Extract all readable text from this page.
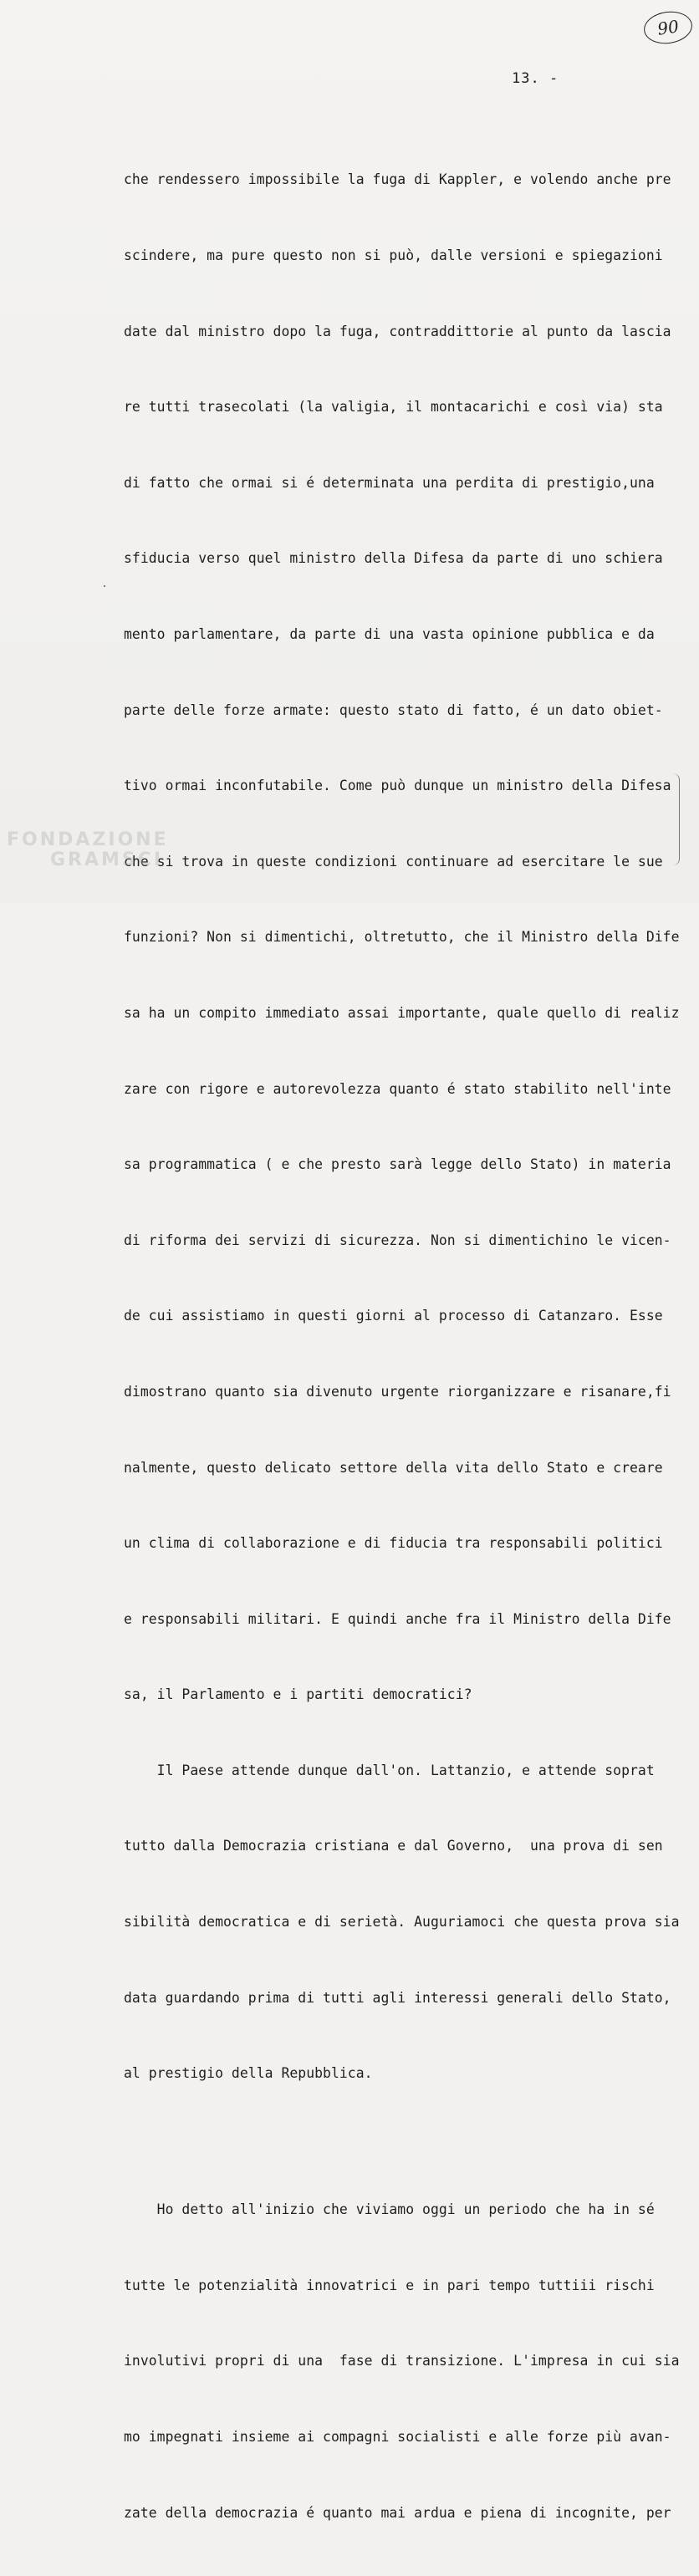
90
13. -

che rendessero impossibile la fuga di Kappler, e volendo anche pre

scindere, ma pure questo non si può, dalle versioni e spiegazioni

date dal ministro dopo la fuga, contraddittorie al punto da lascia

re tutti trasecolati (la valigia, il montacarichi e così via) sta

di fatto che ormai si é determinata una perdita di prestigio,una

sfiducia verso quel ministro della Difesa da parte di uno schiera

mento parlamentare, da parte di una vasta opinione pubblica e da

parte delle forze armate: questo stato di fatto, é un dato obiet-

tivo ormai inconfutabile. Come può dunque un ministro della Difesa

che si trova in queste condizioni continuare ad esercitare le sue

funzioni? Non si dimentichi, oltretutto, che il Ministro della Dife

sa ha un compito immediato assai importante, quale quello di realiz

zare con rigore e autorevolezza quanto é stato stabilito nell'inte

sa programmatica ( e che presto sarà legge dello Stato) in materia

di riforma dei servizi di sicurezza. Non si dimentichino le vicen-

de cui assistiamo in questi giorni al processo di Catanzaro. Esse

dimostrano quanto sia divenuto urgente riorganizzare e risanare,fi

nalmente, questo delicato settore della vita dello Stato e creare

un clima di collaborazione e di fiducia tra responsabili politici

e responsabili militari. E quindi anche fra il Ministro della Dife

sa, il Parlamento e i partiti democratici?

Il Paese attende dunque dall'on. Lattanzio, e attende soprat

tutto dalla Democrazia cristiana e dal Governo,  una prova di sen

sibilità democratica e di serietà. Auguriamoci che questa prova sia

data guardando prima di tutti agli interessi generali dello Stato,

al prestigio della Repubblica.

Ho detto all'inizio che viviamo oggi un periodo che ha in sé

tutte le potenzialità innovatrici e in pari tempo tuttiii rischi

involutivi propri di una  fase di transizione. L'impresa in cui sia

mo impegnati insieme ai compagni socialisti e alle forze più avan-

zate della democrazia é quanto mai ardua e piena di incognite, per

FONDAZIONE
GRAMSCI
